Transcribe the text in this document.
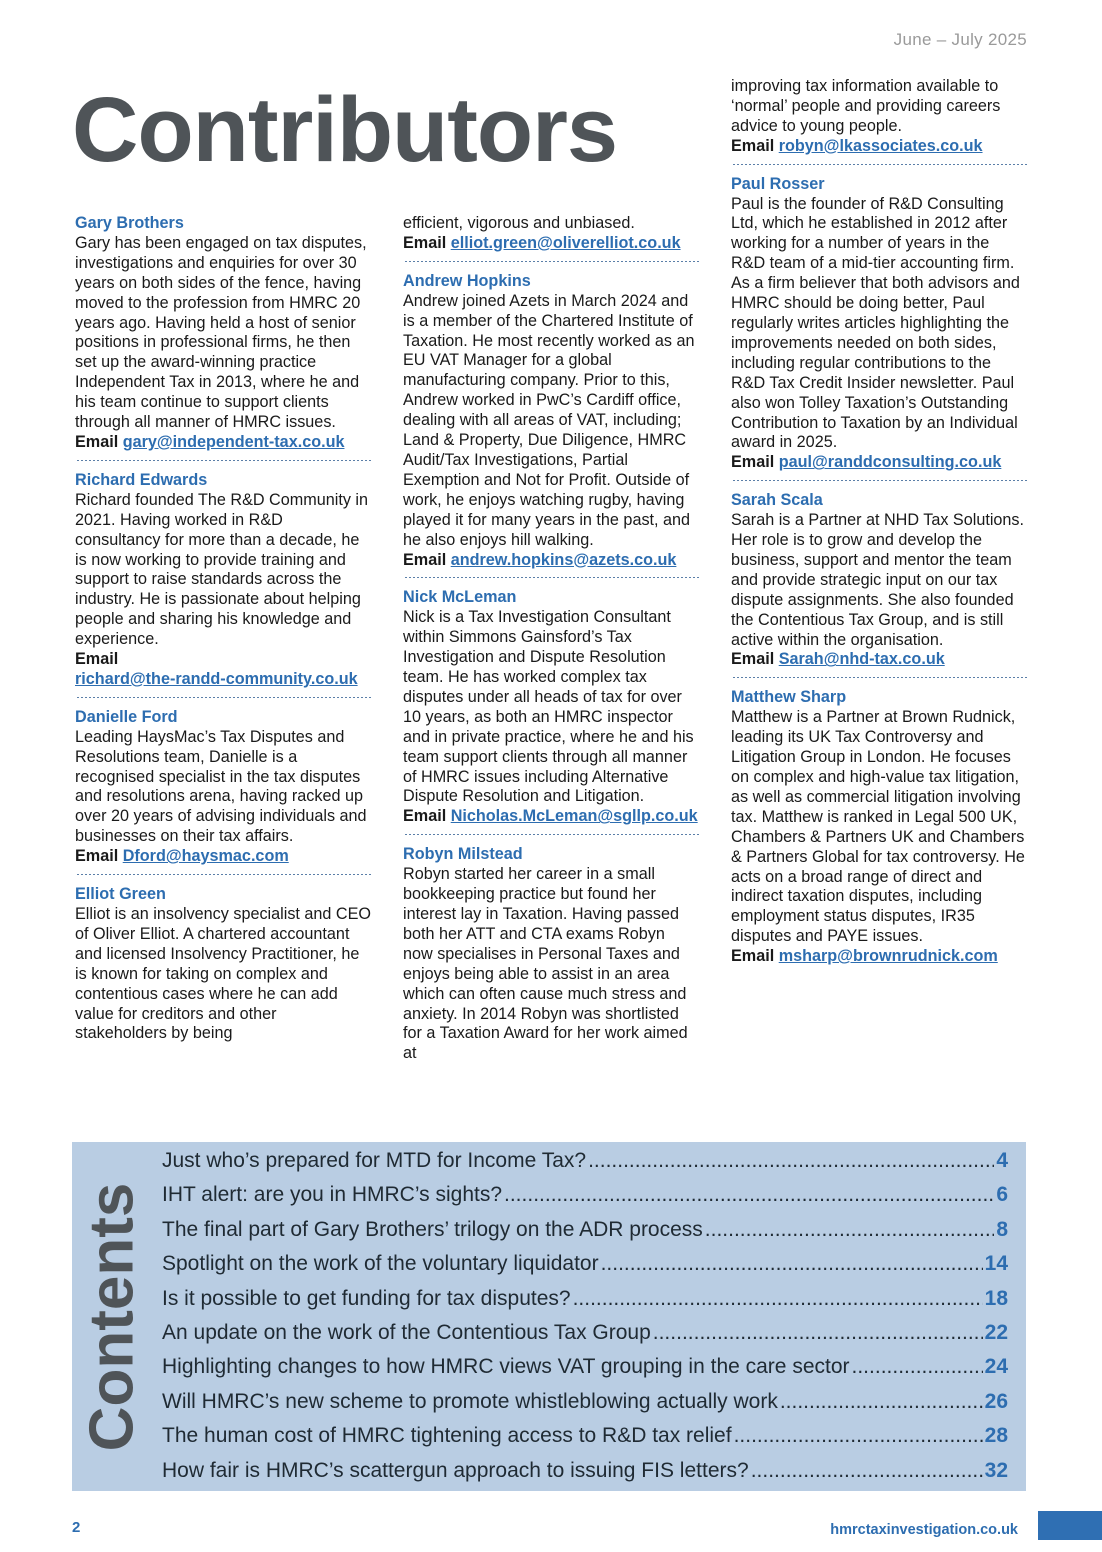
June – July 2025
Contributors
Gary Brothers
Gary has been engaged on tax disputes, investigations and enquiries for over 30 years on both sides of the fence, having moved to the profession from HMRC 20 years ago. Having held a host of senior positions in professional firms, he then set up the award-winning practice Independent Tax in 2013, where he and his team continue to support clients through all manner of HMRC issues.
Email gary@independent-tax.co.uk
Richard Edwards
Richard founded The R&D Community in 2021. Having worked in R&D consultancy for more than a decade, he is now working to provide training and support to raise standards across the industry. He is passionate about helping people and sharing his knowledge and experience.
Email
richard@the-randd-community.co.uk
Danielle Ford
Leading HaysMac’s Tax Disputes and Resolutions team, Danielle is a recognised specialist in the tax disputes and resolutions arena, having racked up over 20 years of advising individuals and businesses on their tax affairs.
Email Dford@haysmac.com
Elliot Green
Elliot is an insolvency specialist and CEO of Oliver Elliot. A chartered accountant and licensed Insolvency Practitioner, he is known for taking on complex and contentious cases where he can add value for creditors and other stakeholders by being
efficient, vigorous and unbiased.
Email elliot.green@oliverelliot.co.uk
Andrew Hopkins
Andrew joined Azets in March 2024 and is a member of the Chartered Institute of Taxation. He most recently worked as an EU VAT Manager for a global manufacturing company. Prior to this, Andrew worked in PwC’s Cardiff office, dealing with all areas of VAT, including; Land & Property, Due Diligence, HMRC Audit/Tax Investigations, Partial Exemption and Not for Profit. Outside of work, he enjoys watching rugby, having played it for many years in the past, and he also enjoys hill walking.
Email andrew.hopkins@azets.co.uk
Nick McLeman
Nick is a Tax Investigation Consultant within Simmons Gainsford’s Tax Investigation and Dispute Resolution team. He has worked complex tax disputes under all heads of tax for over 10 years, as both an HMRC inspector and in private practice, where he and his team support clients through all manner of HMRC issues including Alternative Dispute Resolution and Litigation.
Email Nicholas.McLeman@sgllp.co.uk
Robyn Milstead
Robyn started her career in a small bookkeeping practice but found her interest lay in Taxation. Having passed both her ATT and CTA exams Robyn now specialises in Personal Taxes and enjoys being able to assist in an area which can often cause much stress and anxiety. In 2014 Robyn was shortlisted for a Taxation Award for her work aimed at
improving tax information available to ‘normal’ people and providing careers advice to young people.
Email robyn@lkassociates.co.uk
Paul Rosser
Paul is the founder of R&D Consulting Ltd, which he established in 2012 after working for a number of years in the R&D team of a mid-tier accounting firm. As a firm believer that both advisors and HMRC should be doing better, Paul regularly writes articles highlighting the improvements needed on both sides, including regular contributions to the R&D Tax Credit Insider newsletter. Paul also won Tolley Taxation’s Outstanding Contribution to Taxation by an Individual award in 2025.
Email paul@randdconsulting.co.uk
Sarah Scala
Sarah is a Partner at NHD Tax Solutions. Her role is to grow and develop the business, support and mentor the team and provide strategic input on our tax dispute assignments. She also founded the Contentious Tax Group, and is still active within the organisation.
Email Sarah@nhd-tax.co.uk
Matthew Sharp
Matthew is a Partner at Brown Rudnick, leading its UK Tax Controversy and Litigation Group in London. He focuses on complex and high-value tax litigation, as well as commercial litigation involving tax. Matthew is ranked in Legal 500 UK, Chambers & Partners UK and Chambers & Partners Global for tax controversy. He acts on a broad range of direct and indirect taxation disputes, including employment status disputes, IR35 disputes and PAYE issues.
Email msharp@brownrudnick.com
Contents
Just who’s prepared for MTD for Income Tax? .....	4
IHT alert: are you in HMRC’s sights? .....	6
The final part of Gary Brothers’ trilogy on the ADR process .....	8
Spotlight on the work of the voluntary liquidator .....	14
Is it possible to get funding for tax disputes? .....	18
An update on the work of the Contentious Tax Group .....	22
Highlighting changes to how HMRC views VAT grouping in the care sector .....	24
Will HMRC’s new scheme to promote whistleblowing actually work .....	26
The human cost of HMRC tightening access to R&D tax relief .....	28
How fair is HMRC’s scattergun approach to issuing FIS letters? .....	32
2	hmrctaxinvestigation.co.uk
